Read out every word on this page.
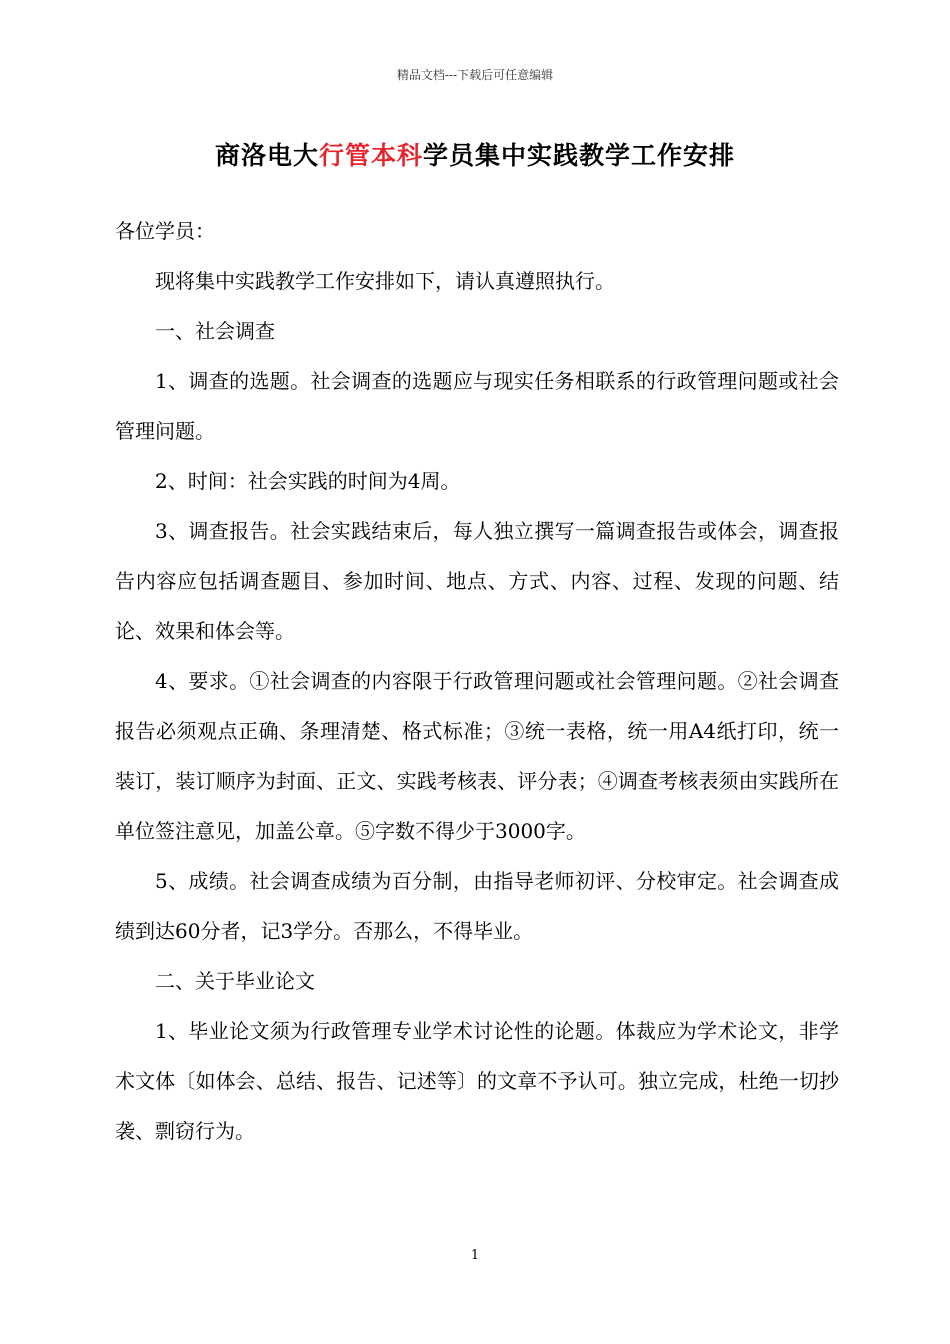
精品文档---下载后可任意编辑
商洛电大行管本科学员集中实践教学工作安排

各位学员：

现将集中实践教学工作安排如下，请认真遵照执行。

一、社会调查

1、调查的选题。社会调查的选题应与现实任务相联系的行政管理问题或社会管理问题。

2、时间：社会实践的时间为4周。

3、调查报告。社会实践结束后，每人独立撰写一篇调查报告或体会，调查报告内容应包括调查题目、参加时间、地点、方式、内容、过程、发现的问题、结论、效果和体会等。

4、要求。①社会调查的内容限于行政管理问题或社会管理问题。②社会调查报告必须观点正确、条理清楚、格式标准；③统一表格，统一用A4纸打印，统一装订，装订顺序为封面、正文、实践考核表、评分表；④调查考核表须由实践所在单位签注意见，加盖公章。⑤字数不得少于3000字。

5、成绩。社会调查成绩为百分制，由指导老师初评、分校审定。社会调查成绩到达60分者，记3学分。否那么，不得毕业。

二、关于毕业论文

1、毕业论文须为行政管理专业学术讨论性的论题。体裁应为学术论文，非学术文体〔如体会、总结、报告、记述等〕的文章不予认可。独立完成，杜绝一切抄袭、剽窃行为。

1
